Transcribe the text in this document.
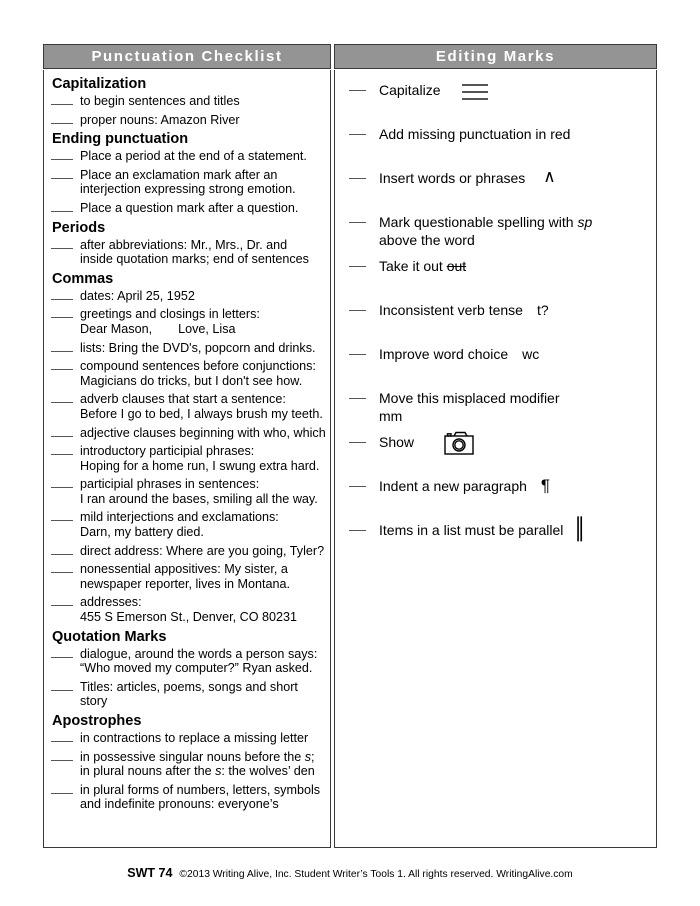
Punctuation Checklist	Editing Marks
Capitalization
to begin sentences and titles
proper nouns: Amazon River
Ending punctuation
Place a period at the end of a statement.
Place an exclamation mark after an
interjection expressing strong emotion.
Place a question mark after a question.
Periods
after abbreviations: Mr., Mrs., Dr. and
inside quotation marks; end of sentences
Commas
dates: April 25, 1952
greetings and closings in letters:
Dear Mason, Love, Lisa
lists: Bring the DVD's, popcorn and drinks.
compound sentences before conjunctions:
Magicians do tricks, but I don't see how.
adverb clauses that start a sentence:
Before I go to bed, I always brush my teeth.
adjective clauses beginning with who, which
introductory participial phrases:
Hoping for a home run, I swung extra hard.
participial phrases in sentences:
I ran around the bases, smiling all the way.
mild interjections and exclamations:
Darn, my battery died.
direct address: Where are you going, Tyler?
nonessential appositives: My sister, a
newspaper reporter, lives in Montana.
addresses:
455 S Emerson St., Denver, CO 80231
Quotation Marks
dialogue, around the words a person says:
“Who moved my computer?” Ryan asked.
Titles: articles, poems, songs and short story
Apostrophes
in contractions to replace a missing letter
in possessive singular nouns before the s;
in plural nouns after the s: the wolves’ den
in plural forms of numbers, letters, symbols
and indefinite pronouns: everyone’s
Capitalize
Add missing punctuation in red
Insert words or phrases ∧
Mark questionable spelling with sp
above the word
Take it out out
Inconsistent verb tense t?
Improve word choice wc
Move this misplaced modifier
mm
Show
Indent a new paragraph ¶
Items in a list must be parallel ║
SWT 74 ©2013 Writing Alive, Inc. Student Writer’s Tools 1. All rights reserved. WritingAlive.com
